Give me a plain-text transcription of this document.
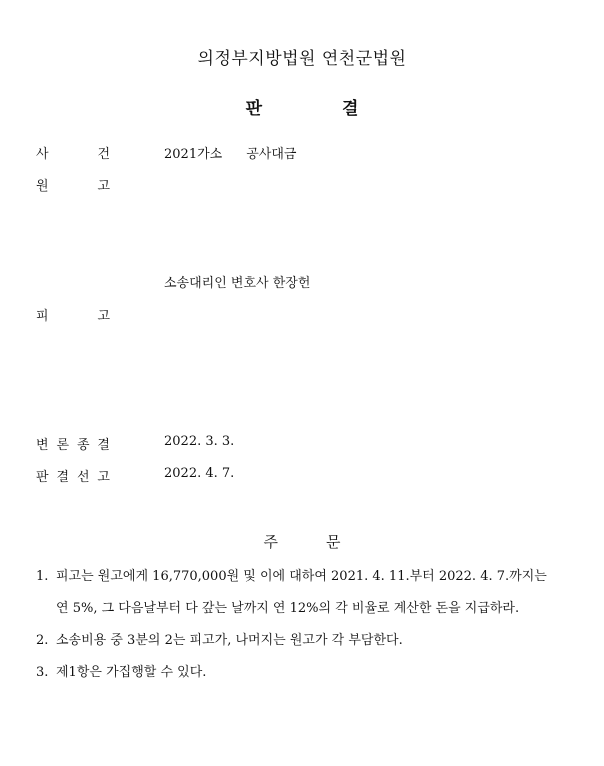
의정부지방법원 연천군법원
판	결
사	건	2021가소 공사대금
원	고
소송대리인 변호사 한장헌
피	고
변 론 종 결	2022. 3. 3.
판 결 선 고	2022. 4. 7.
주	문
1. 피고는 원고에게 16,770,000원 및 이에 대하여 2021. 4. 11.부터 2022. 4. 7.까지는
연 5%, 그 다음날부터 다 갚는 날까지 연 12%의 각 비율로 계산한 돈을 지급하라.
2. 소송비용 중 3분의 2는 피고가, 나머지는 원고가 각 부담한다.
3. 제1항은 가집행할 수 있다.
